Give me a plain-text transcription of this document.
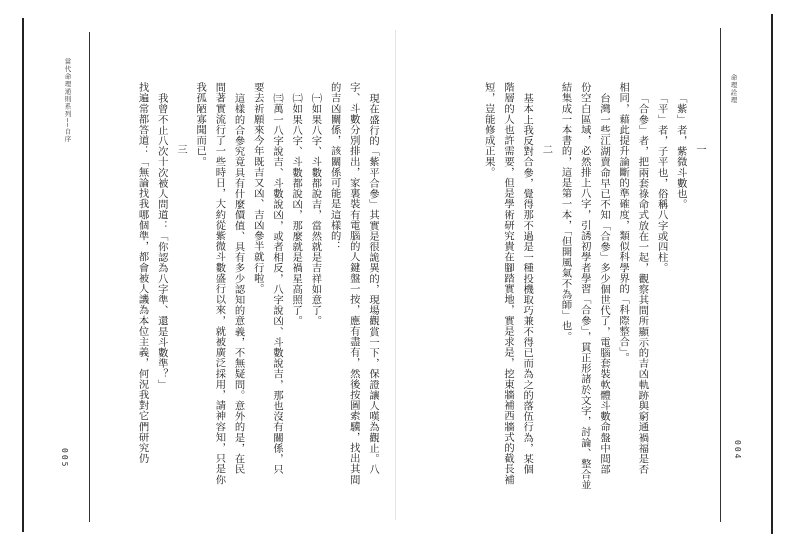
當代命理通則系列──自序	命理詮理
005	004

一

「紫」者，紫微斗數也。

「平」者，子平也，俗稱八字或四柱。

「合參」者，把兩套祿命式放在一起，觀察其間所顯示的吉凶軌跡與窮通禍福是否

相同，藉此提升論斷的準確度，類似科學界的「科際整合」。

台灣一些江湖賣命早已不知「合參」多少個世代了，電腦套裝軟體斗數命盤中間部

份空白區域，必然排上八字，引誘初學者學習「合參」，貫正形諸於文字，討論、整合並

結集成一本書的，這是第一本，「但開風氣不為師」也。

二

基本上我反對合參，覺得那不過是一種投機取巧兼不得已而為之的落伍行為，某個

階層的人也許需要，但是學術研究貴在腳踏實地，實是求是，挖東牆補西牆式的截長補

短，豈能修成正果。

現在盛行的「紫平合參」其實是很詭異的，現場觀賞一下，保證讓人嘆為觀止。八

字、斗數分別排出，家裏裝有電腦的人鍵盤一按，應有盡有，然後按圖索驥，找出其間

的吉凶關係，該關係可能是這樣的：

㈠如果八字、斗數都說吉，當然就是吉祥如意了。

㈡如果八字、斗數都說凶，那麼就是禍星高照了。

㈢萬一八字說吉、斗數說凶，或者相反，八字說凶、斗數說吉，那也沒有關係，只

要去祈願來今年既吉又凶、吉凶參半就行啦。

這樣的合參究竟具有什麼價值、具有多少認知的意義，不無疑問。意外的是，在民

間著實流行了一些時日，大約從紫微斗數盛行以來，就被廣泛採用，請神容知，只是你

我孤陋寡聞而已。

三

我曾不止八次十次被人問道：「你認為八字準、還是斗數準？」

找遍常都答道：「無論找我哪個準，都會被人譏為本位主義，何況我對它們研究仍
